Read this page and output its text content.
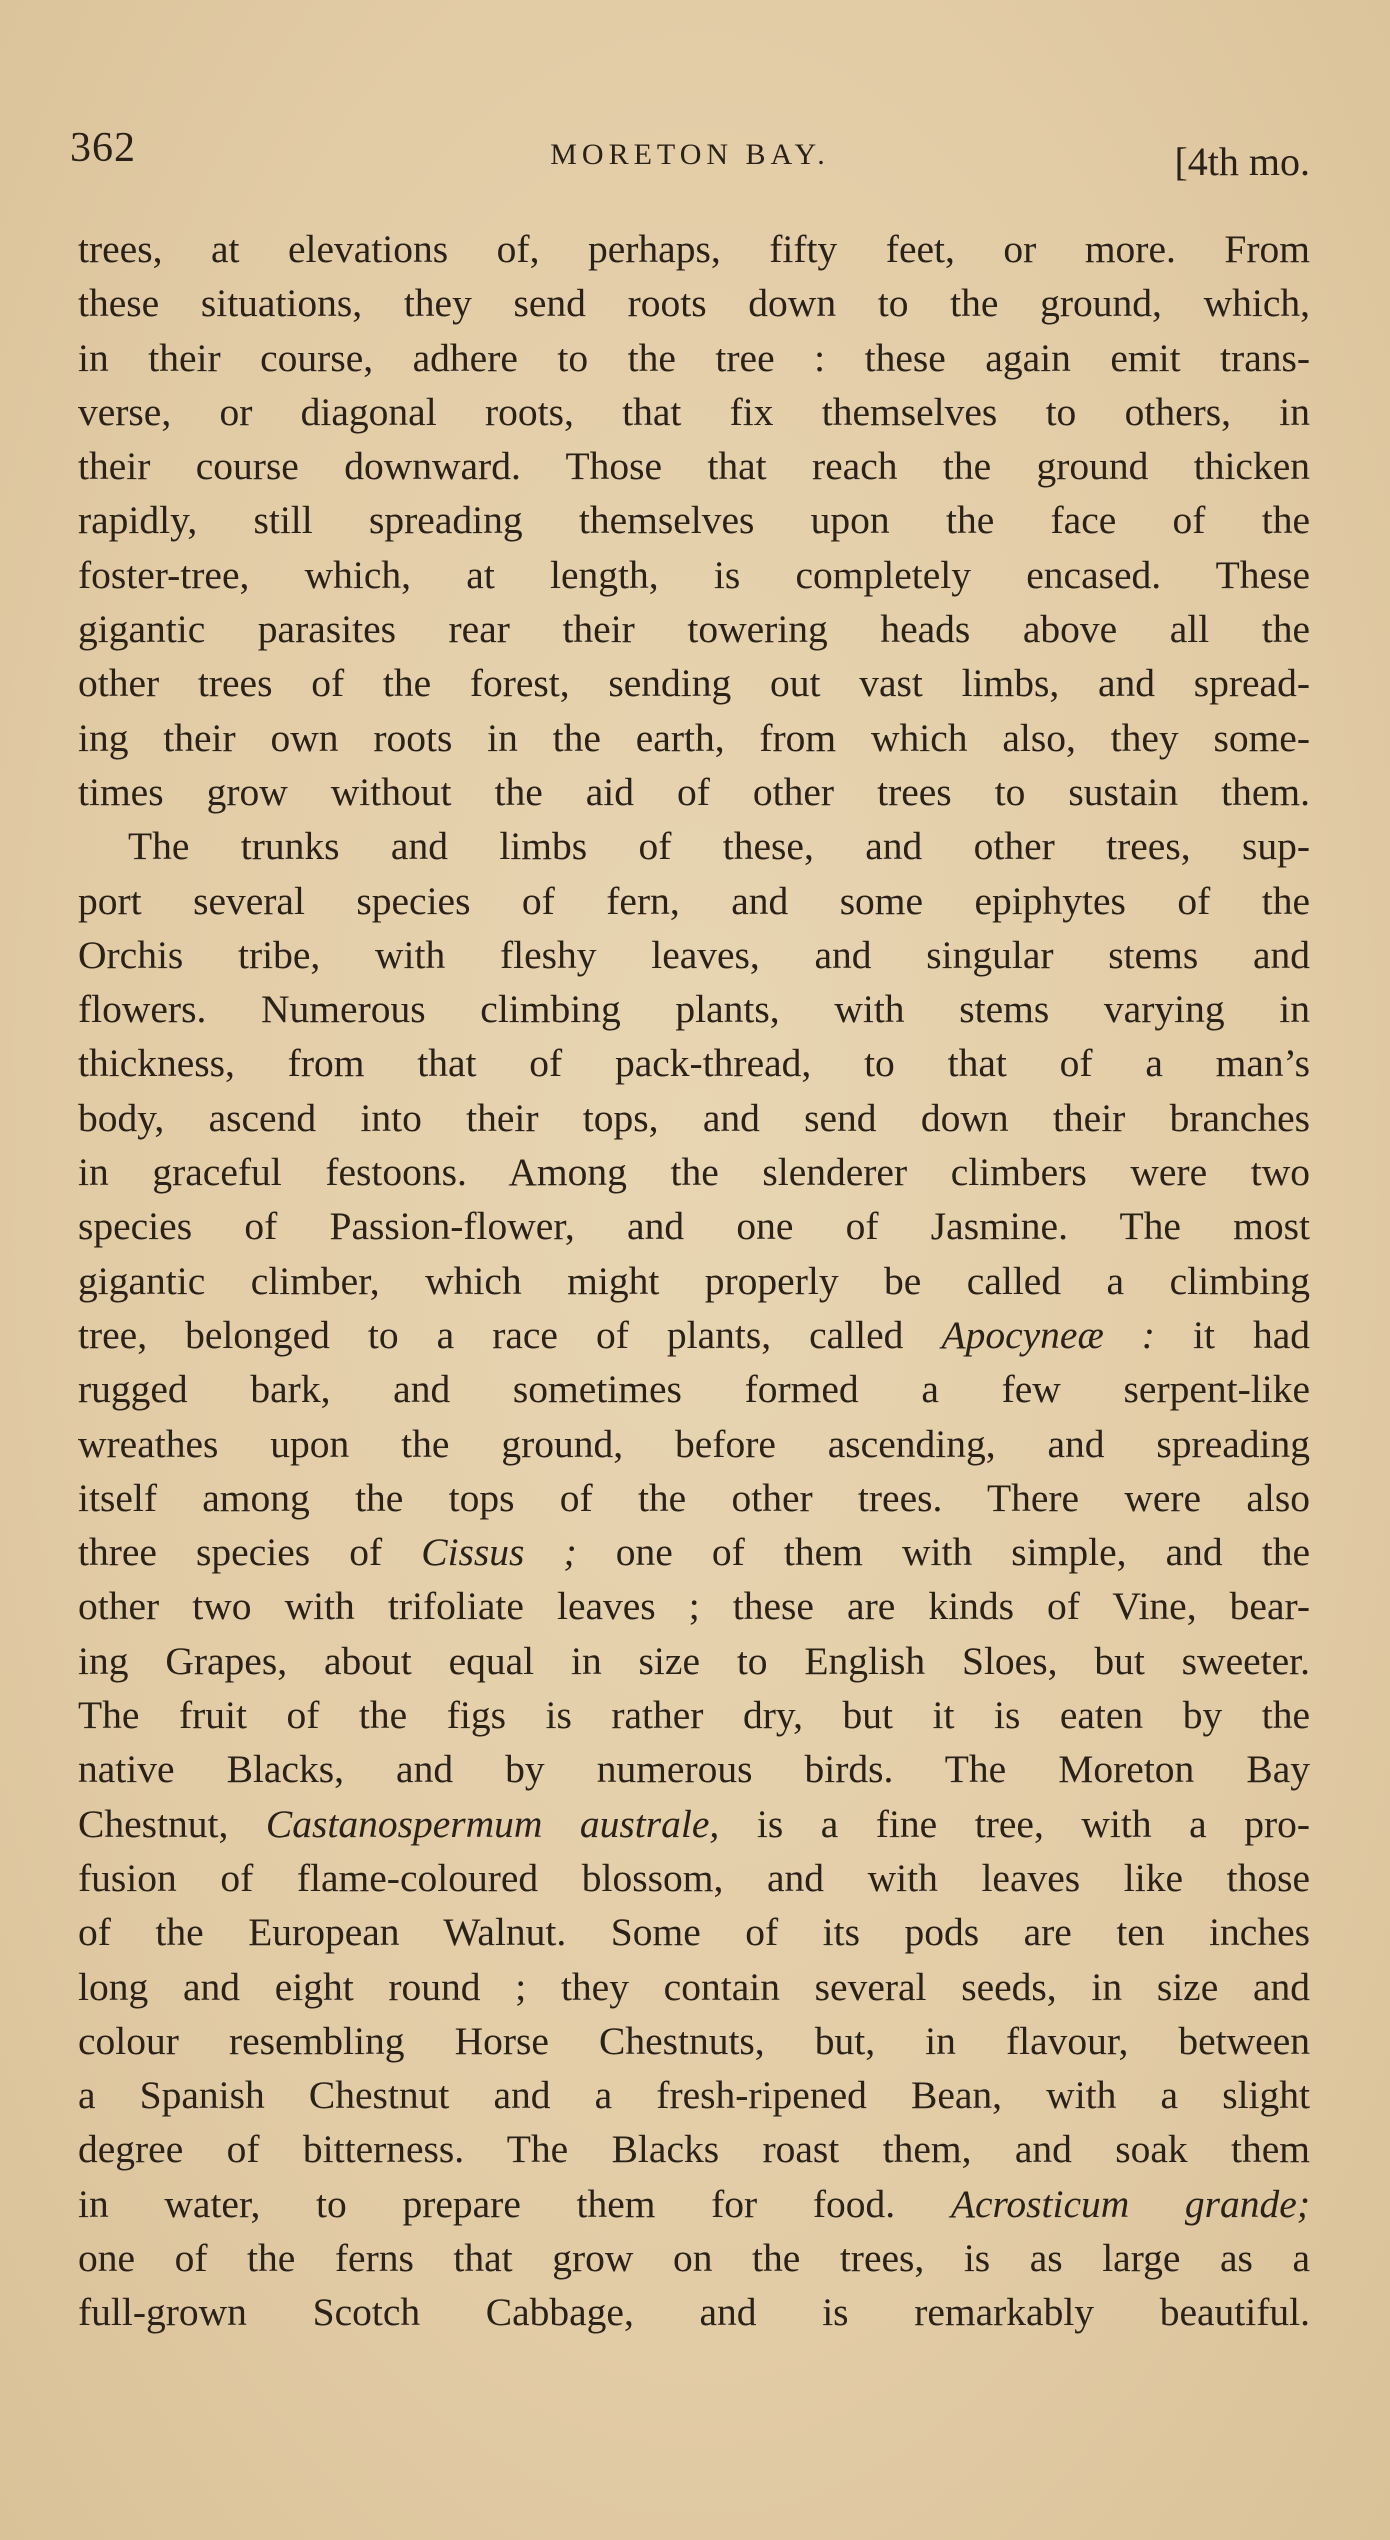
362	MORETON BAY.	[4th mo.
trees, at elevations of, perhaps, fifty feet, or more. From
these situations, they send roots down to the ground, which,
in their course, adhere to the tree : these again emit trans-
verse, or diagonal roots, that fix themselves to others, in
their course downward. Those that reach the ground thicken
rapidly, still spreading themselves upon the face of the
foster-tree, which, at length, is completely encased. These
gigantic parasites rear their towering heads above all the
other trees of the forest, sending out vast limbs, and spread-
ing their own roots in the earth, from which also, they some-
times grow without the aid of other trees to sustain them.
The trunks and limbs of these, and other trees, sup-
port several species of fern, and some epiphytes of the
Orchis tribe, with fleshy leaves, and singular stems and
flowers. Numerous climbing plants, with stems varying in
thickness, from that of pack-thread, to that of a man’s
body, ascend into their tops, and send down their branches
in graceful festoons. Among the slenderer climbers were two
species of Passion-flower, and one of Jasmine. The most
gigantic climber, which might properly be called a climbing
tree, belonged to a race of plants, called Apocyneæ : it had
rugged bark, and sometimes formed a few serpent-like
wreathes upon the ground, before ascending, and spreading
itself among the tops of the other trees. There were also
three species of Cissus ; one of them with simple, and the
other two with trifoliate leaves ; these are kinds of Vine, bear-
ing Grapes, about equal in size to English Sloes, but sweeter.
The fruit of the figs is rather dry, but it is eaten by the
native Blacks, and by numerous birds. The Moreton Bay
Chestnut, Castanospermum australe, is a fine tree, with a pro-
fusion of flame-coloured blossom, and with leaves like those
of the European Walnut. Some of its pods are ten inches
long and eight round ; they contain several seeds, in size and
colour resembling Horse Chestnuts, but, in flavour, between
a Spanish Chestnut and a fresh-ripened Bean, with a slight
degree of bitterness. The Blacks roast them, and soak them
in water, to prepare them for food. Acrosticum grande;
one of the ferns that grow on the trees, is as large as a
full-grown Scotch Cabbage, and is remarkably beautiful.
